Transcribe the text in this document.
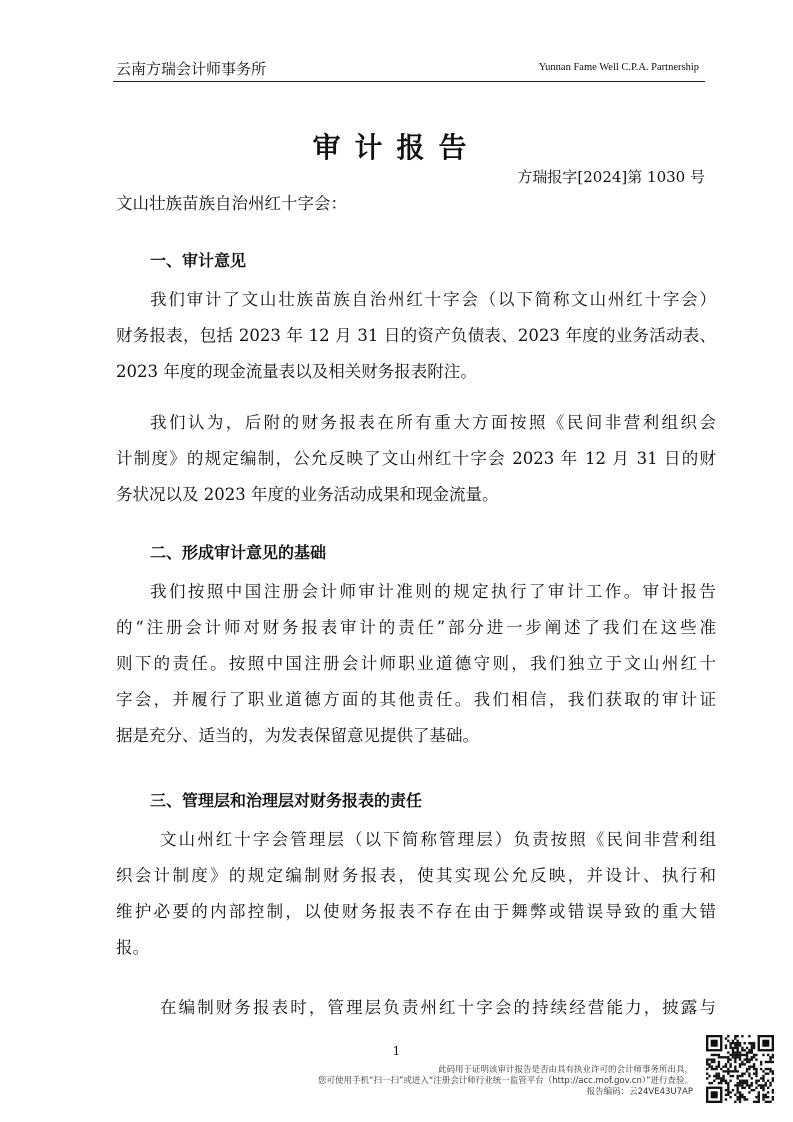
云南方瑞会计师事务所	Yunnan Fame Well C.P.A. Partnership
审计报告
方瑞报字[2024]第 1030 号
文山壮族苗族自治州红十字会：
一、审计意见
我们审计了文山壮族苗族自治州红十字会（以下简称文山州红十字会）
财务报表，包括 2023 年 12 月 31 日的资产负债表、2023 年度的业务活动表、
2023 年度的现金流量表以及相关财务报表附注。
我们认为，后附的财务报表在所有重大方面按照《民间非营利组织会
计制度》的规定编制，公允反映了文山州红十字会 2023 年 12 月 31 日的财
务状况以及 2023 年度的业务活动成果和现金流量。
二、形成审计意见的基础
我们按照中国注册会计师审计准则的规定执行了审计工作。审计报告
的“注册会计师对财务报表审计的责任”部分进一步阐述了我们在这些准
则下的责任。按照中国注册会计师职业道德守则，我们独立于文山州红十
字会，并履行了职业道德方面的其他责任。我们相信，我们获取的审计证
据是充分、适当的，为发表保留意见提供了基础。
三、管理层和治理层对财务报表的责任
文山州红十字会管理层（以下简称管理层）负责按照《民间非营利组
织会计制度》的规定编制财务报表，使其实现公允反映，并设计、执行和
维护必要的内部控制，以使财务报表不存在由于舞弊或错误导致的重大错
报。
在编制财务报表时，管理层负责州红十字会的持续经营能力，披露与
1
此码用于证明该审计报告是否由具有执业许可的会计师事务所出具，
您可使用手机“扫一扫”或进入“注册会计师行业统一监管平台（http://acc.mof.gov.cn）”进行查验。
报告编码：云24VE43U7AP
